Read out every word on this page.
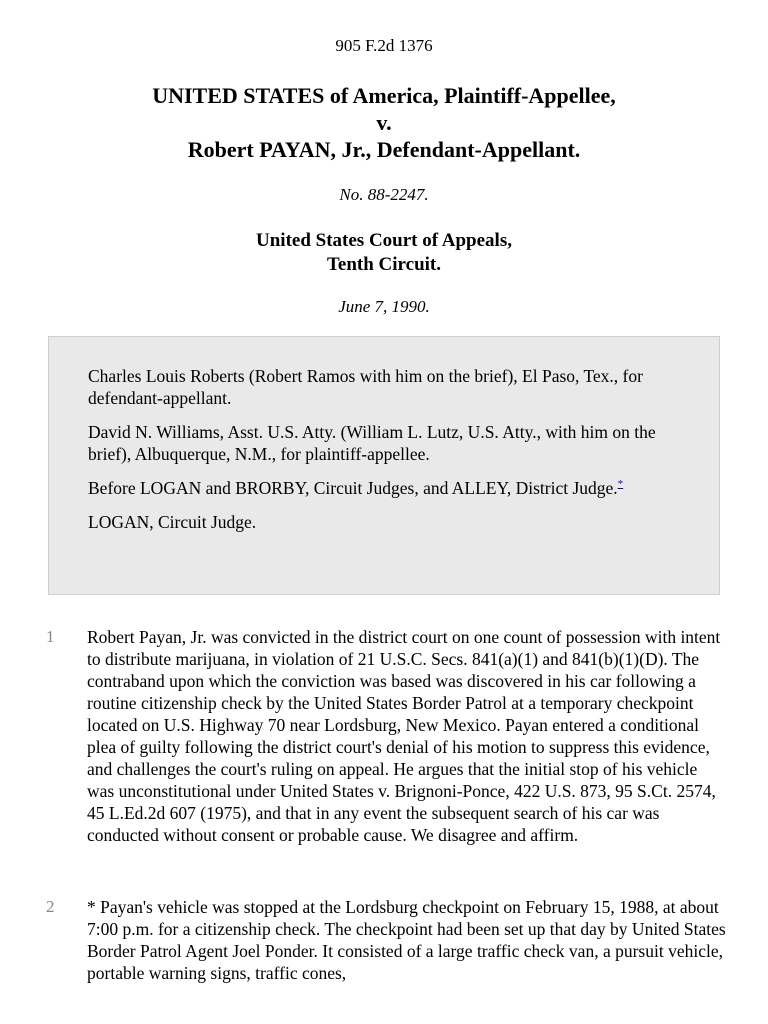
905 F.2d 1376
UNITED STATES of America, Plaintiff-Appellee,
v.
Robert PAYAN, Jr., Defendant-Appellant.
No. 88-2247.
United States Court of Appeals,
Tenth Circuit.
June 7, 1990.

Charles Louis Roberts (Robert Ramos with him on the brief), El Paso, Tex., for defendant-appellant.

David N. Williams, Asst. U.S. Atty. (William L. Lutz, U.S. Atty., with him on the brief), Albuquerque, N.M., for plaintiff-appellee.

Before LOGAN and BRORBY, Circuit Judges, and ALLEY, District Judge.*

LOGAN, Circuit Judge.

1	Robert Payan, Jr. was convicted in the district court on one count of possession with intent to distribute marijuana, in violation of 21 U.S.C. Secs. 841(a)(1) and 841(b)(1)(D). The contraband upon which the conviction was based was discovered in his car following a routine citizenship check by the United States Border Patrol at a temporary checkpoint located on U.S. Highway 70 near Lordsburg, New Mexico. Payan entered a conditional plea of guilty following the district court's denial of his motion to suppress this evidence, and challenges the court's ruling on appeal. He argues that the initial stop of his vehicle was unconstitutional under United States v. Brignoni-Ponce, 422 U.S. 873, 95 S.Ct. 2574, 45 L.Ed.2d 607 (1975), and that in any event the subsequent search of his car was conducted without consent or probable cause. We disagree and affirm.
2	* Payan's vehicle was stopped at the Lordsburg checkpoint on February 15, 1988, at about 7:00 p.m. for a citizenship check. The checkpoint had been set up that day by United States Border Patrol Agent Joel Ponder. It consisted of a large traffic check van, a pursuit vehicle, portable warning signs, traffic cones,
